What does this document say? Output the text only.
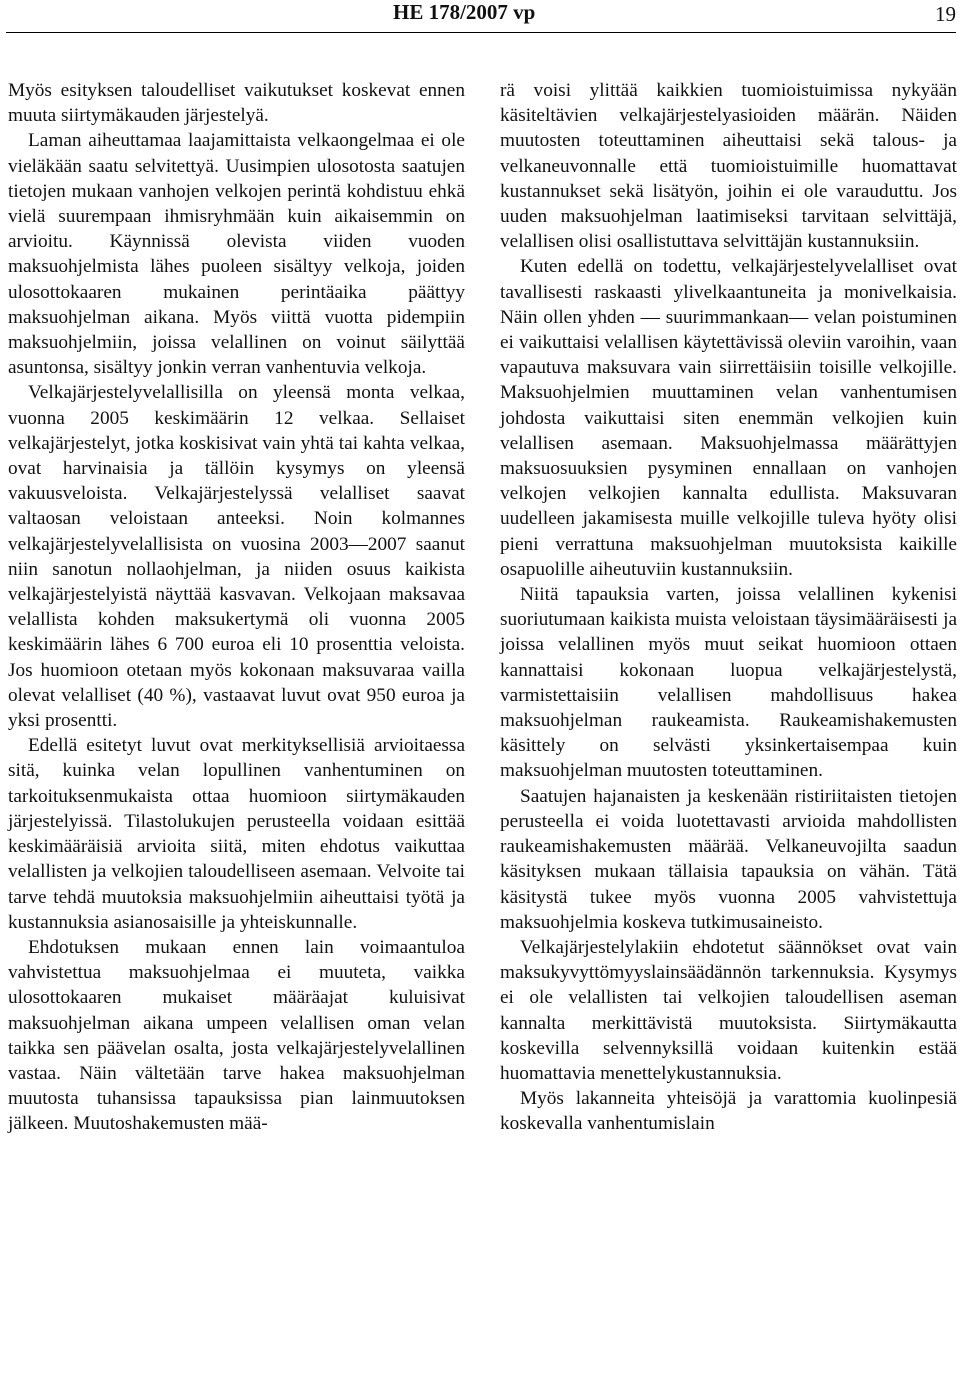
HE 178/2007 vp	19

Myös esityksen taloudelliset vaikutukset koskevat ennen muuta siirtymäkauden järjestelyä.

Laman aiheuttamaa laajamittaista velkaongelmaa ei ole vieläkään saatu selvitettyä. Uusimpien ulosotosta saatujen tietojen mukaan vanhojen velkojen perintä kohdistuu ehkä vielä suurempaan ihmisryhmään kuin aikaisemmin on arvioitu. Käynnissä olevista viiden vuoden maksuohjelmista lähes puoleen sisältyy velkoja, joiden ulosottokaaren mukainen perintäaika päättyy maksuohjelman aikana. Myös viittä vuotta pidempiin maksuohjelmiin, joissa velallinen on voinut säilyttää asuntonsa, sisältyy jonkin verran vanhentuvia velkoja.

Velkajärjestelyvelallisilla on yleensä monta velkaa, vuonna 2005 keskimäärin 12 velkaa. Sellaiset velkajärjestelyt, jotka koskisivat vain yhtä tai kahta velkaa, ovat harvinaisia ja tällöin kysymys on yleensä vakuusveloista. Velkajärjestelyssä velalliset saavat valtaosan veloistaan anteeksi. Noin kolmannes velkajärjestelyvelallisista on vuosina 2003—2007 saanut niin sanotun nollaohjelman, ja niiden osuus kaikista velkajärjestelyistä näyttää kasvavan. Velkojaan maksavaa velallista kohden maksukertymä oli vuonna 2005 keskimäärin lähes 6 700 euroa eli 10 prosenttia veloista. Jos huomioon otetaan myös kokonaan maksuvaraa vailla olevat velalliset (40 %), vastaavat luvut ovat 950 euroa ja yksi prosentti.

Edellä esitetyt luvut ovat merkityksellisiä arvioitaessa sitä, kuinka velan lopullinen vanhentuminen on tarkoituksenmukaista ottaa huomioon siirtymäkauden järjestelyissä. Tilastolukujen perusteella voidaan esittää keskimääräisiä arvioita siitä, miten ehdotus vaikuttaa velallisten ja velkojien taloudelliseen asemaan. Velvoite tai tarve tehdä muutoksia maksuohjelmiin aiheuttaisi työtä ja kustannuksia asianosaisille ja yhteiskunnalle.

Ehdotuksen mukaan ennen lain voimaantuloa vahvistettua maksuohjelmaa ei muuteta, vaikka ulosottokaaren mukaiset määräajat kuluisivat maksuohjelman aikana umpeen velallisen oman velan taikka sen päävelan osalta, josta velkajärjestelyvelallinen vastaa. Näin vältetään tarve hakea maksuohjelman muutosta tuhansissa tapauksissa pian lainmuutoksen jälkeen. Muutoshakemusten mää-

rä voisi ylittää kaikkien tuomioistuimissa nykyään käsiteltävien velkajärjestelyasioiden määrän. Näiden muutosten toteuttaminen aiheuttaisi sekä talous- ja velkaneuvonnalle että tuomioistuimille huomattavat kustannukset sekä lisätyön, joihin ei ole varauduttu. Jos uuden maksuohjelman laatimiseksi tarvitaan selvittäjä, velallisen olisi osallistuttava selvittäjän kustannuksiin.

Kuten edellä on todettu, velkajärjestelyvelalliset ovat tavallisesti raskaasti ylivelkaantuneita ja monivelkaisia. Näin ollen yhden — suurimmankaan— velan poistuminen ei vaikuttaisi velallisen käytettävissä oleviin varoihin, vaan vapautuva maksuvara vain siirrettäisiin toisille velkojille. Maksuohjelmien muuttaminen velan vanhentumisen johdosta vaikuttaisi siten enemmän velkojien kuin velallisen asemaan. Maksuohjelmassa määrättyjen maksuosuuksien pysyminen ennallaan on vanhojen velkojen velkojien kannalta edullista. Maksuvaran uudelleen jakamisesta muille velkojille tuleva hyöty olisi pieni verrattuna maksuohjelman muutoksista kaikille osapuolille aiheutuviin kustannuksiin.

Niitä tapauksia varten, joissa velallinen kykenisi suoriutumaan kaikista muista veloistaan täysimääräisesti ja joissa velallinen myös muut seikat huomioon ottaen kannattaisi kokonaan luopua velkajärjestelystä, varmistettaisiin velallisen mahdollisuus hakea maksuohjelman raukeamista. Raukeamishakemusten käsittely on selvästi yksinkertaisempaa kuin maksuohjelman muutosten toteuttaminen.

Saatujen hajanaisten ja keskenään ristiriitaisten tietojen perusteella ei voida luotettavasti arvioida mahdollisten raukeamishakemusten määrää. Velkaneuvojilta saadun käsityksen mukaan tällaisia tapauksia on vähän. Tätä käsitystä tukee myös vuonna 2005 vahvistettuja maksuohjelmia koskeva tutkimusaineisto.

Velkajärjestelylakiin ehdotetut säännökset ovat vain maksukyvyttömyyslainsäädännön tarkennuksia. Kysymys ei ole velallisten tai velkojien taloudellisen aseman kannalta merkittävistä muutoksista. Siirtymäkautta koskevilla selvennyksillä voidaan kuitenkin estää huomattavia menettelykustannuksia.

Myös lakanneita yhteisöjä ja varattomia kuolinpesiä koskevalla vanhentumislain
